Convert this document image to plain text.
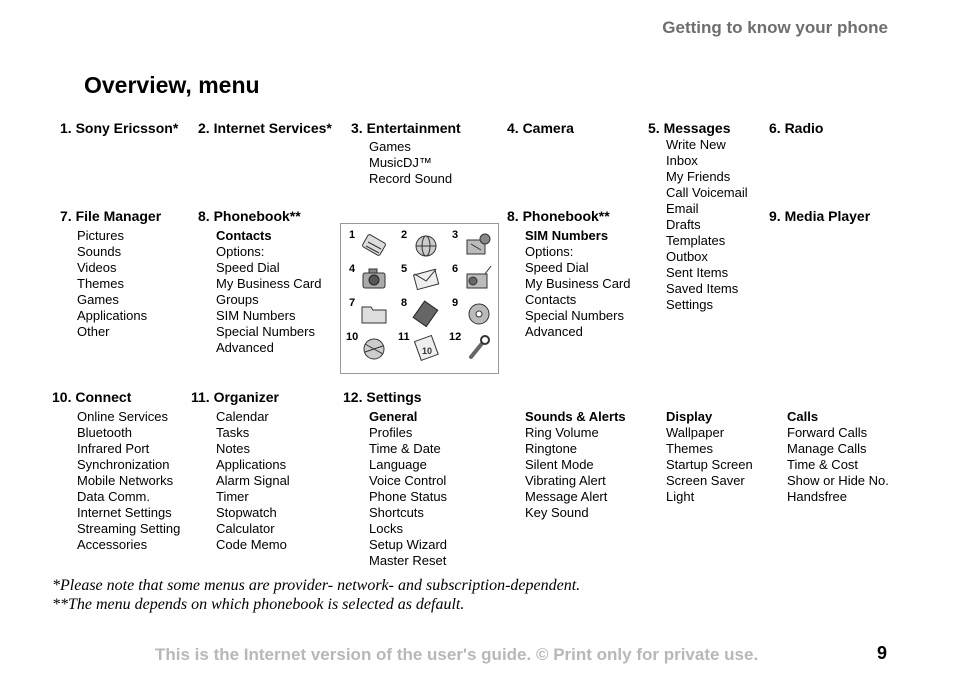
Getting to know your phone
Overview, menu
1. Sony Ericsson* 2. Internet Services* 3. Entertainment
Games
MusicDJ™
Record Sound
4. Camera	5. Messages
Write New
Inbox
My Friends
Call Voicemail
Email
Drafts
Templates
Outbox
Sent Items
Saved Items
Settings
6. Radio
7. File Manager
Pictures
Sounds
Videos
Themes
Games
Applications
Other
8. Phonebook**
Contacts
Options:
Speed Dial
My Business Card
Groups
SIM Numbers
Special Numbers
Advanced
1	2	3
4	5	6
7	8	9
10	11	12
10
8. Phonebook**
SIM Numbers
Options:
Speed Dial
My Business Card
Contacts
Special Numbers
Advanced
9. Media Player
10. Connect
Online Services
Bluetooth
Infrared Port
Synchronization
Mobile Networks
Data Comm.
Internet Settings
Streaming Setting
Accessories
11. Organizer
Calendar
Tasks
Notes
Applications
Alarm Signal
Timer
Stopwatch
Calculator
Code Memo
12. Settings
General
Profiles
Time & Date
Language
Voice Control
Phone Status
Shortcuts
Locks
Setup Wizard
Master Reset
Sounds & Alerts
Ring Volume
Ringtone
Silent Mode
Vibrating Alert
Message Alert
Key Sound
Display
Wallpaper
Themes
Startup Screen
Screen Saver
Light
Calls
Forward Calls
Manage Calls
Time & Cost
Show or Hide No.
Handsfree
*Please note that some menus are provider- network- and subscription-dependent.
**The menu depends on which phonebook is selected as default.
This is the Internet version of the user's guide. © Print only for private use.	9
